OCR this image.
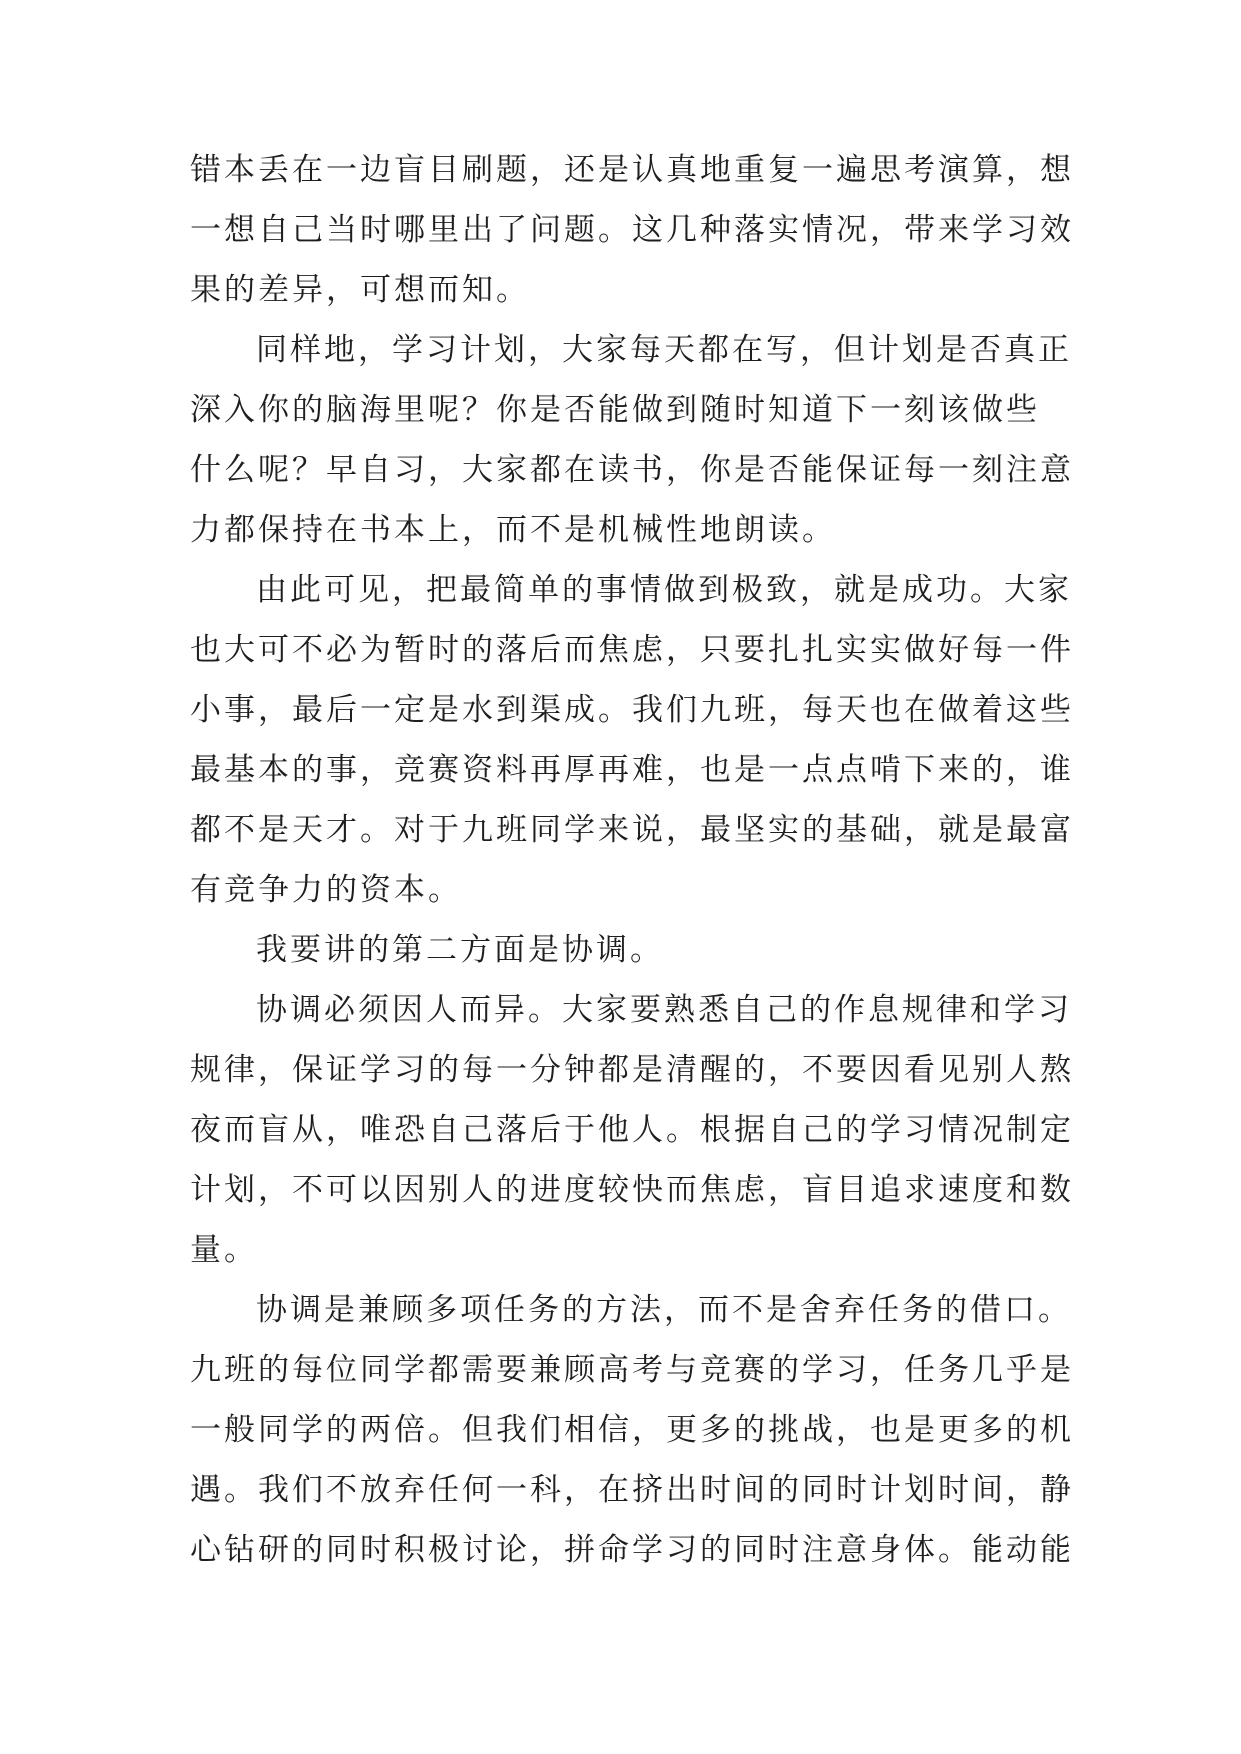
错本丢在一边盲目刷题，还是认真地重复一遍思考演算，想
一想自己当时哪里出了问题。这几种落实情况，带来学习效
果的差异，可想而知。
同样地，学习计划，大家每天都在写，但计划是否真正
深入你的脑海里呢？你是否能做到随时知道下一刻该做些
什么呢？早自习，大家都在读书，你是否能保证每一刻注意
力都保持在书本上，而不是机械性地朗读。
由此可见，把最简单的事情做到极致，就是成功。大家
也大可不必为暂时的落后而焦虑，只要扎扎实实做好每一件
小事，最后一定是水到渠成。我们九班，每天也在做着这些
最基本的事，竞赛资料再厚再难，也是一点点啃下来的，谁
都不是天才。对于九班同学来说，最坚实的基础，就是最富
有竞争力的资本。
我要讲的第二方面是协调。
协调必须因人而异。大家要熟悉自己的作息规律和学习
规律，保证学习的每一分钟都是清醒的，不要因看见别人熬
夜而盲从，唯恐自己落后于他人。根据自己的学习情况制定
计划，不可以因别人的进度较快而焦虑，盲目追求速度和数
量。
协调是兼顾多项任务的方法，而不是舍弃任务的借口。
九班的每位同学都需要兼顾高考与竞赛的学习，任务几乎是
一般同学的两倍。但我们相信，更多的挑战，也是更多的机
遇。我们不放弃任何一科，在挤出时间的同时计划时间，静
心钻研的同时积极讨论，拼命学习的同时注意身体。能动能
